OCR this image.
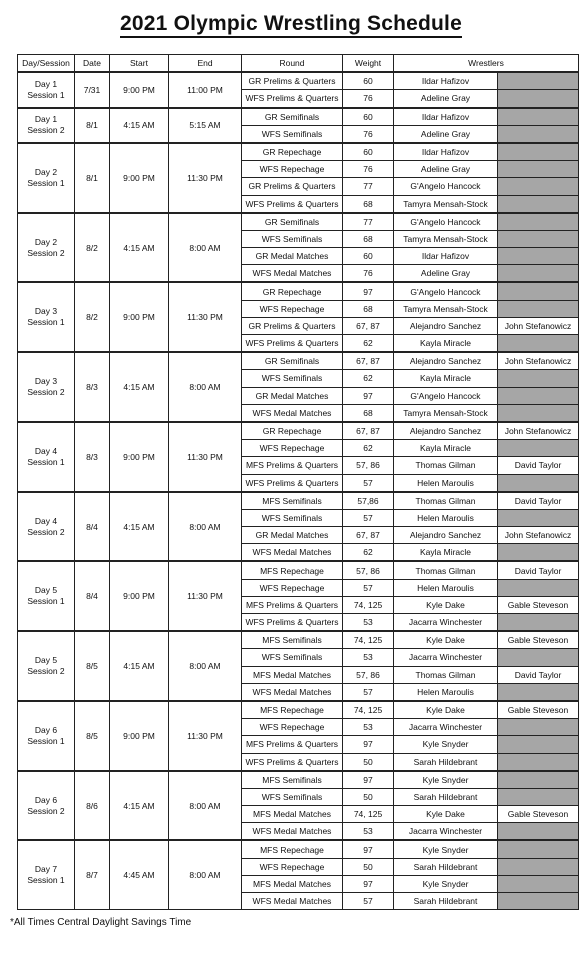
2021 Olympic Wrestling Schedule
Day/Session	Date	Start	End	Round	Weight	Wrestlers	

Day 1
Session 1	7/31	9:00 PM	11:00 PM	GR Prelims & Quarters	60	Ildar Hafizov	
				WFS Prelims & Quarters	76	Adeline Gray	

Day 1
Session 2	8/1	4:15 AM	5:15 AM	GR Semifinals	60	Ildar Hafizov	
				WFS Semifinals	76	Adeline Gray	

Day 2
Session 1	8/1	9:00 PM	11:30 PM	GR Repechage	60	Ildar Hafizov	
				WFS Repechage	76	Adeline Gray	
				GR Prelims & Quarters	77	G'Angelo Hancock	
				WFS Prelims & Quarters	68	Tamyra Mensah-Stock	

Day 2
Session 2	8/2	4:15 AM	8:00 AM	GR Semifinals	77	G'Angelo Hancock	
				WFS Semifinals	68	Tamyra Mensah-Stock	
				GR Medal Matches	60	Ildar Hafizov	
				WFS Medal Matches	76	Adeline Gray	

Day 3
Session 1	8/2	9:00 PM	11:30 PM	GR Repechage	97	G'Angelo Hancock	
				WFS Repechage	68	Tamyra Mensah-Stock	
				GR Prelims & Quarters	67, 87	Alejandro Sanchez	John Stefanowicz
				WFS Prelims & Quarters	62	Kayla Miracle	

Day 3
Session 2	8/3	4:15 AM	8:00 AM	GR Semifinals	67, 87	Alejandro Sanchez	John Stefanowicz
				WFS Semifinals	62	Kayla Miracle	
				GR Medal Matches	97	G'Angelo Hancock	
				WFS Medal Matches	68	Tamyra Mensah-Stock	

Day 4
Session 1	8/3	9:00 PM	11:30 PM	GR Repechage	67, 87	Alejandro Sanchez	John Stefanowicz
				WFS Repechage	62	Kayla Miracle	
				MFS Prelims & Quarters	57, 86	Thomas Gilman	David Taylor
				WFS Prelims & Quarters	57	Helen Maroulis	

Day 4
Session 2	8/4	4:15 AM	8:00 AM	MFS Semifinals	57,86	Thomas Gilman	David Taylor
				WFS Semifinals	57	Helen Maroulis	
				GR Medal Matches	67, 87	Alejandro Sanchez	John Stefanowicz
				WFS Medal Matches	62	Kayla Miracle	

Day 5
Session 1	8/4	9:00 PM	11:30 PM	MFS Repechage	57, 86	Thomas Gilman	David Taylor
				WFS Repechage	57	Helen Maroulis	
				MFS Prelims & Quarters	74, 125	Kyle Dake	Gable Steveson
				WFS Prelims & Quarters	53	Jacarra Winchester	

Day 5
Session 2	8/5	4:15 AM	8:00 AM	MFS Semifinals	74, 125	Kyle Dake	Gable Steveson
				WFS Semifinals	53	Jacarra Winchester	
				MFS Medal Matches	57, 86	Thomas Gilman	David Taylor
				WFS Medal Matches	57	Helen Maroulis	

Day 6
Session 1	8/5	9:00 PM	11:30 PM	MFS Repechage	74, 125	Kyle Dake	Gable Steveson
				WFS Repechage	53	Jacarra Winchester	
				MFS Prelims & Quarters	97	Kyle Snyder	
				WFS Prelims & Quarters	50	Sarah Hildebrant	

Day 6
Session 2	8/6	4:15 AM	8:00 AM	MFS Semifinals	97	Kyle Snyder	
				WFS Semifinals	50	Sarah Hildebrant	
				MFS Medal Matches	74, 125	Kyle Dake	Gable Steveson
				WFS Medal Matches	53	Jacarra Winchester	

Day 7
Session 1	8/7	4:45 AM	8:00 AM	MFS Repechage	97	Kyle Snyder	
				WFS Repechage	50	Sarah Hildebrant	
				MFS Medal Matches	97	Kyle Snyder	
				WFS Medal Matches	57	Sarah Hildebrant	
*All Times Central Daylight Savings Time
